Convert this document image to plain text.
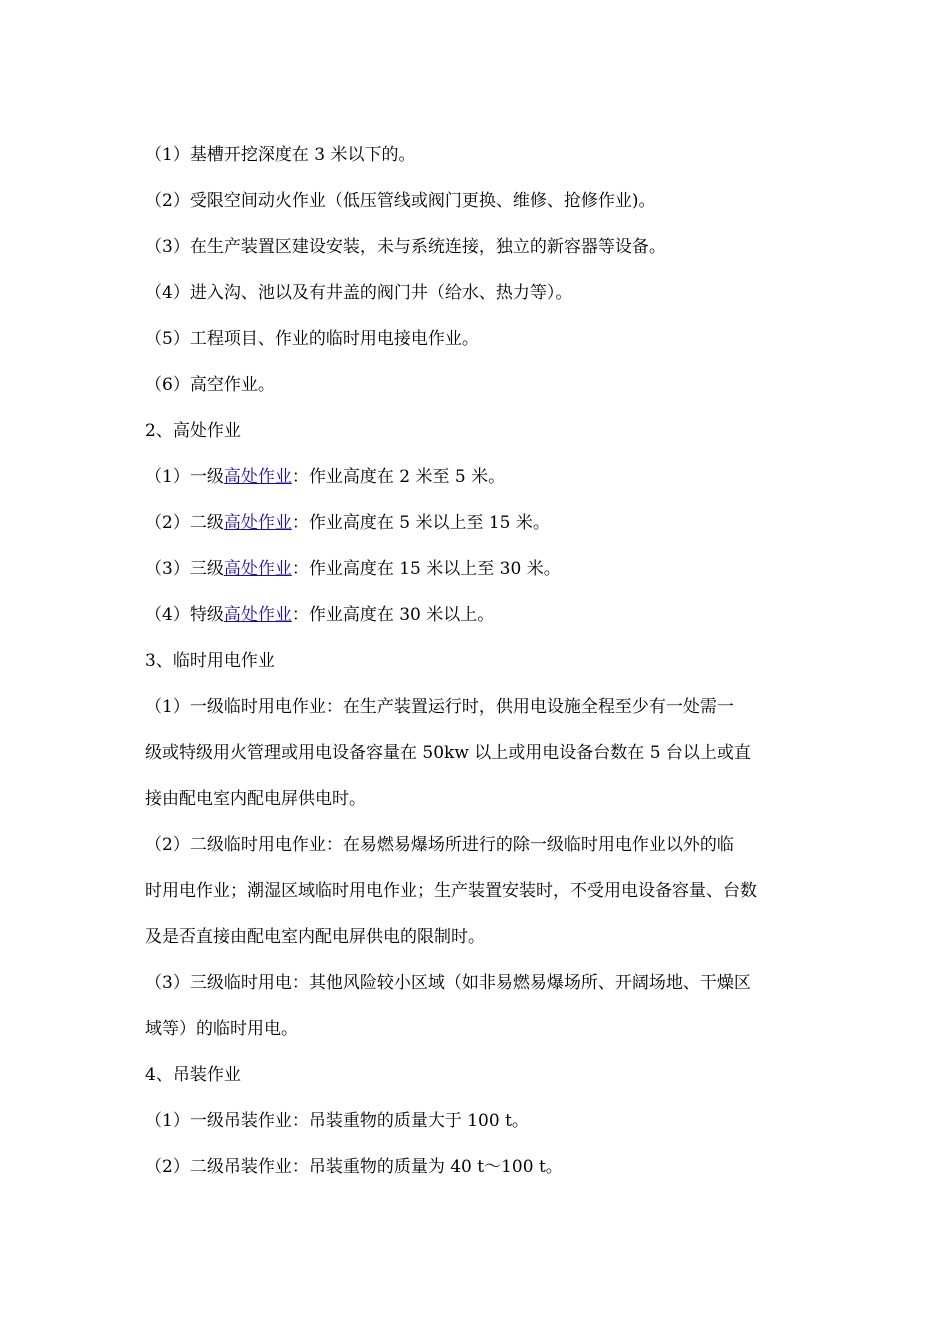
（1）基槽开挖深度在 3 米以下的。
（2）受限空间动火作业（低压管线或阀门更换、维修、抢修作业)。
（3）在生产装置区建设安装，未与系统连接，独立的新容器等设备。
（4）进入沟、池以及有井盖的阀门井（给水、热力等）。
（5）工程项目、作业的临时用电接电作业。
（6）高空作业。
2、高处作业
（1）一级高处作业：作业高度在 2 米至 5 米。
（2）二级高处作业：作业高度在 5 米以上至 15 米。
（3）三级高处作业：作业高度在 15 米以上至 30 米。
（4）特级高处作业：作业高度在 30 米以上。
3、临时用电作业
（1）一级临时用电作业：在生产装置运行时，供用电设施全程至少有一处需一
级或特级用火管理或用电设备容量在 50kw 以上或用电设备台数在 5 台以上或直
接由配电室内配电屏供电时。
（2）二级临时用电作业：在易燃易爆场所进行的除一级临时用电作业以外的临
时用电作业；潮湿区域临时用电作业；生产装置安装时，不受用电设备容量、台数
及是否直接由配电室内配电屏供电的限制时。
（3）三级临时用电：其他风险较小区域（如非易燃易爆场所、开阔场地、干燥区
域等）的临时用电。
4、吊装作业
（1）一级吊装作业：吊装重物的质量大于 100 t。
（2）二级吊装作业：吊装重物的质量为 40 t～100 t。
